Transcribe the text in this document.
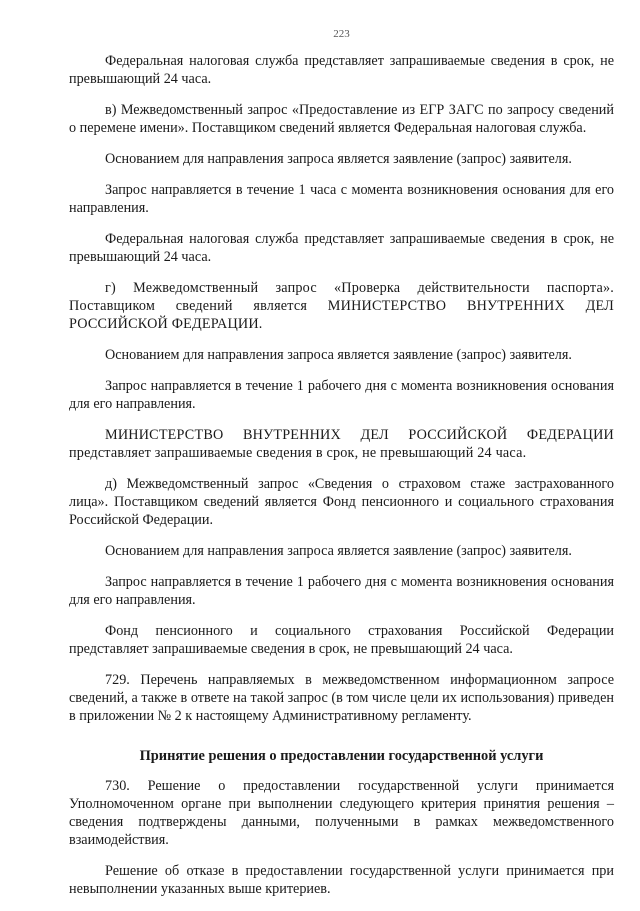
223

Федеральная налоговая служба представляет запрашиваемые сведения в срок, не превышающий 24 часа.

в) Межведомственный запрос «Предоставление из ЕГР ЗАГС по запросу сведений о перемене имени». Поставщиком сведений является Федеральная налоговая служба.

Основанием для направления запроса является заявление (запрос) заявителя.

Запрос направляется в течение 1 часа с момента возникновения основания для его направления.

Федеральная налоговая служба представляет запрашиваемые сведения в срок, не превышающий 24 часа.

г) Межведомственный запрос «Проверка действительности паспорта». Поставщиком сведений является МИНИСТЕРСТВО ВНУТРЕННИХ ДЕЛ РОССИЙСКОЙ ФЕДЕРАЦИИ.

Основанием для направления запроса является заявление (запрос) заявителя.

Запрос направляется в течение 1 рабочего дня с момента возникновения основания для его направления.

МИНИСТЕРСТВО ВНУТРЕННИХ ДЕЛ РОССИЙСКОЙ ФЕДЕРАЦИИ представляет запрашиваемые сведения в срок, не превышающий 24 часа.

д) Межведомственный запрос «Сведения о страховом стаже застрахованного лица». Поставщиком сведений является Фонд пенсионного и социального страхования Российской Федерации.

Основанием для направления запроса является заявление (запрос) заявителя.

Запрос направляется в течение 1 рабочего дня с момента возникновения основания для его направления.

Фонд пенсионного и социального страхования Российской Федерации представляет запрашиваемые сведения в срок, не превышающий 24 часа.

729. Перечень направляемых в межведомственном информационном запросе сведений, а также в ответе на такой запрос (в том числе цели их использования) приведен в приложении № 2 к настоящему Административному регламенту.

Принятие решения о предоставлении государственной услуги

730. Решение о предоставлении государственной услуги принимается Уполномоченном органе при выполнении следующего критерия принятия решения – сведения подтверждены данными, полученными в рамках межведомственного взаимодействия.

Решение об отказе в предоставлении государственной услуги принимается при невыполнении указанных выше критериев.
